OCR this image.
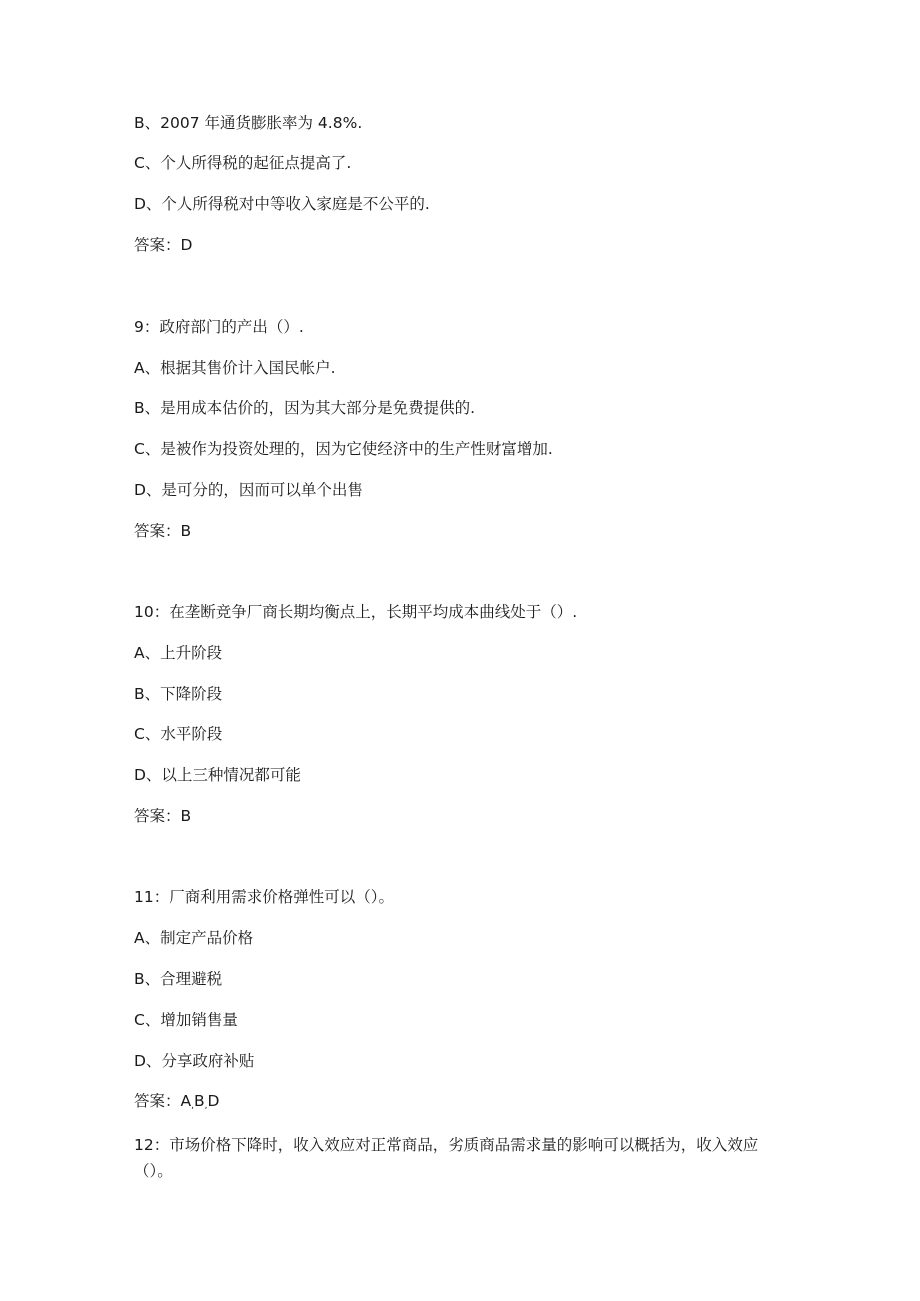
B、2007 年通货膨胀率为 4.8%.
C、个人所得税的起征点提高了.
D、个人所得税对中等收入家庭是不公平的.
答案：D
9：政府部门的产出（）.
A、根据其售价计入国民帐户.
B、是用成本估价的，因为其大部分是免费提供的.
C、是被作为投资处理的，因为它使经济中的生产性财富增加.
D、是可分的，因而可以单个出售
答案：B
10：在垄断竞争厂商长期均衡点上，长期平均成本曲线处于（）.
A、上升阶段
B、下降阶段
C、水平阶段
D、以上三种情况都可能
答案：B
11：厂商利用需求价格弹性可以（）。
A、制定产品价格
B、合理避税
C、增加销售量
D、分享政府补贴
答案：$A_,B_,D$
12：市场价格下降时，收入效应对正常商品，劣质商品需求量的影响可以概括为，收入效应（）。
